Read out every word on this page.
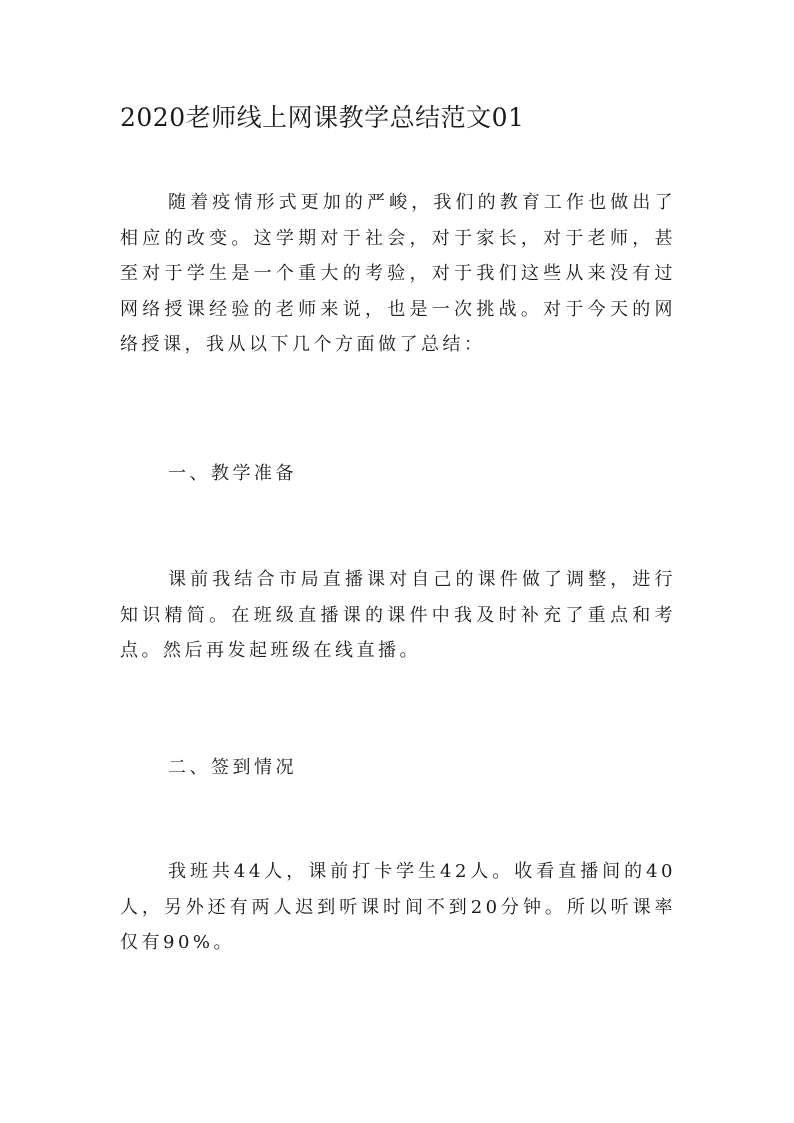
2020老师线上网课教学总结范文01

随着疫情形式更加的严峻，我们的教育工作也做出了相应的改变。这学期对于社会，对于家长，对于老师，甚至对于学生是一个重大的考验，对于我们这些从来没有过网络授课经验的老师来说，也是一次挑战。对于今天的网络授课，我从以下几个方面做了总结：

一、教学准备

课前我结合市局直播课对自己的课件做了调整，进行知识精简。在班级直播课的课件中我及时补充了重点和考点。然后再发起班级在线直播。

二、签到情况

我班共44人，课前打卡学生42人。收看直播间的40人，另外还有两人迟到听课时间不到20分钟。所以听课率仅有90%。
